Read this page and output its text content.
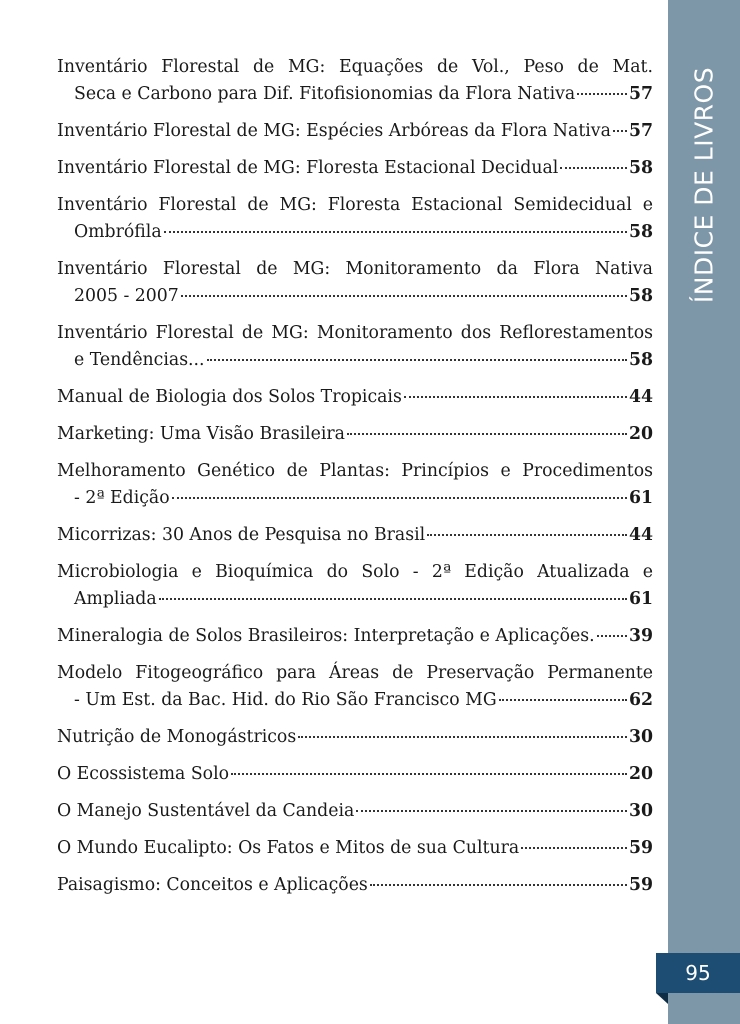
ÍNDICE DE LIVROS
95
Inventário Florestal de MG: Equações de Vol., Peso de Mat.
Seca e Carbono para Dif. Fitofisionomias da Flora Nativa	57
Inventário Florestal de MG: Espécies Arbóreas da Flora Nativa 57
Inventário Florestal de MG: Floresta Estacional Decidual	58
Inventário Florestal de MG: Floresta Estacional Semidecidual e
Ombrófila	58
Inventário Florestal de MG: Monitoramento da Flora Nativa
2005 - 2007	58
Inventário Florestal de MG: Monitoramento dos Reflorestamentos
e Tendências...	58
Manual de Biologia dos Solos Tropicais	44
Marketing: Uma Visão Brasileira	20
Melhoramento Genético de Plantas: Princípios e Procedimentos
- 2ª Edição	61
Micorrizas: 30 Anos de Pesquisa no Brasil	44
Microbiologia e Bioquímica do Solo - 2ª Edição Atualizada e
Ampliada	61
Mineralogia de Solos Brasileiros: Interpretação e Aplicações. 39
Modelo Fitogeográfico para Áreas de Preservação Permanente
- Um Est. da Bac. Hid. do Rio São Francisco MG	62
Nutrição de Monogástricos	30
O Ecossistema Solo	20
O Manejo Sustentável da Candeia	30
O Mundo Eucalipto: Os Fatos e Mitos de sua Cultura	59
Paisagismo: Conceitos e Aplicações	59
